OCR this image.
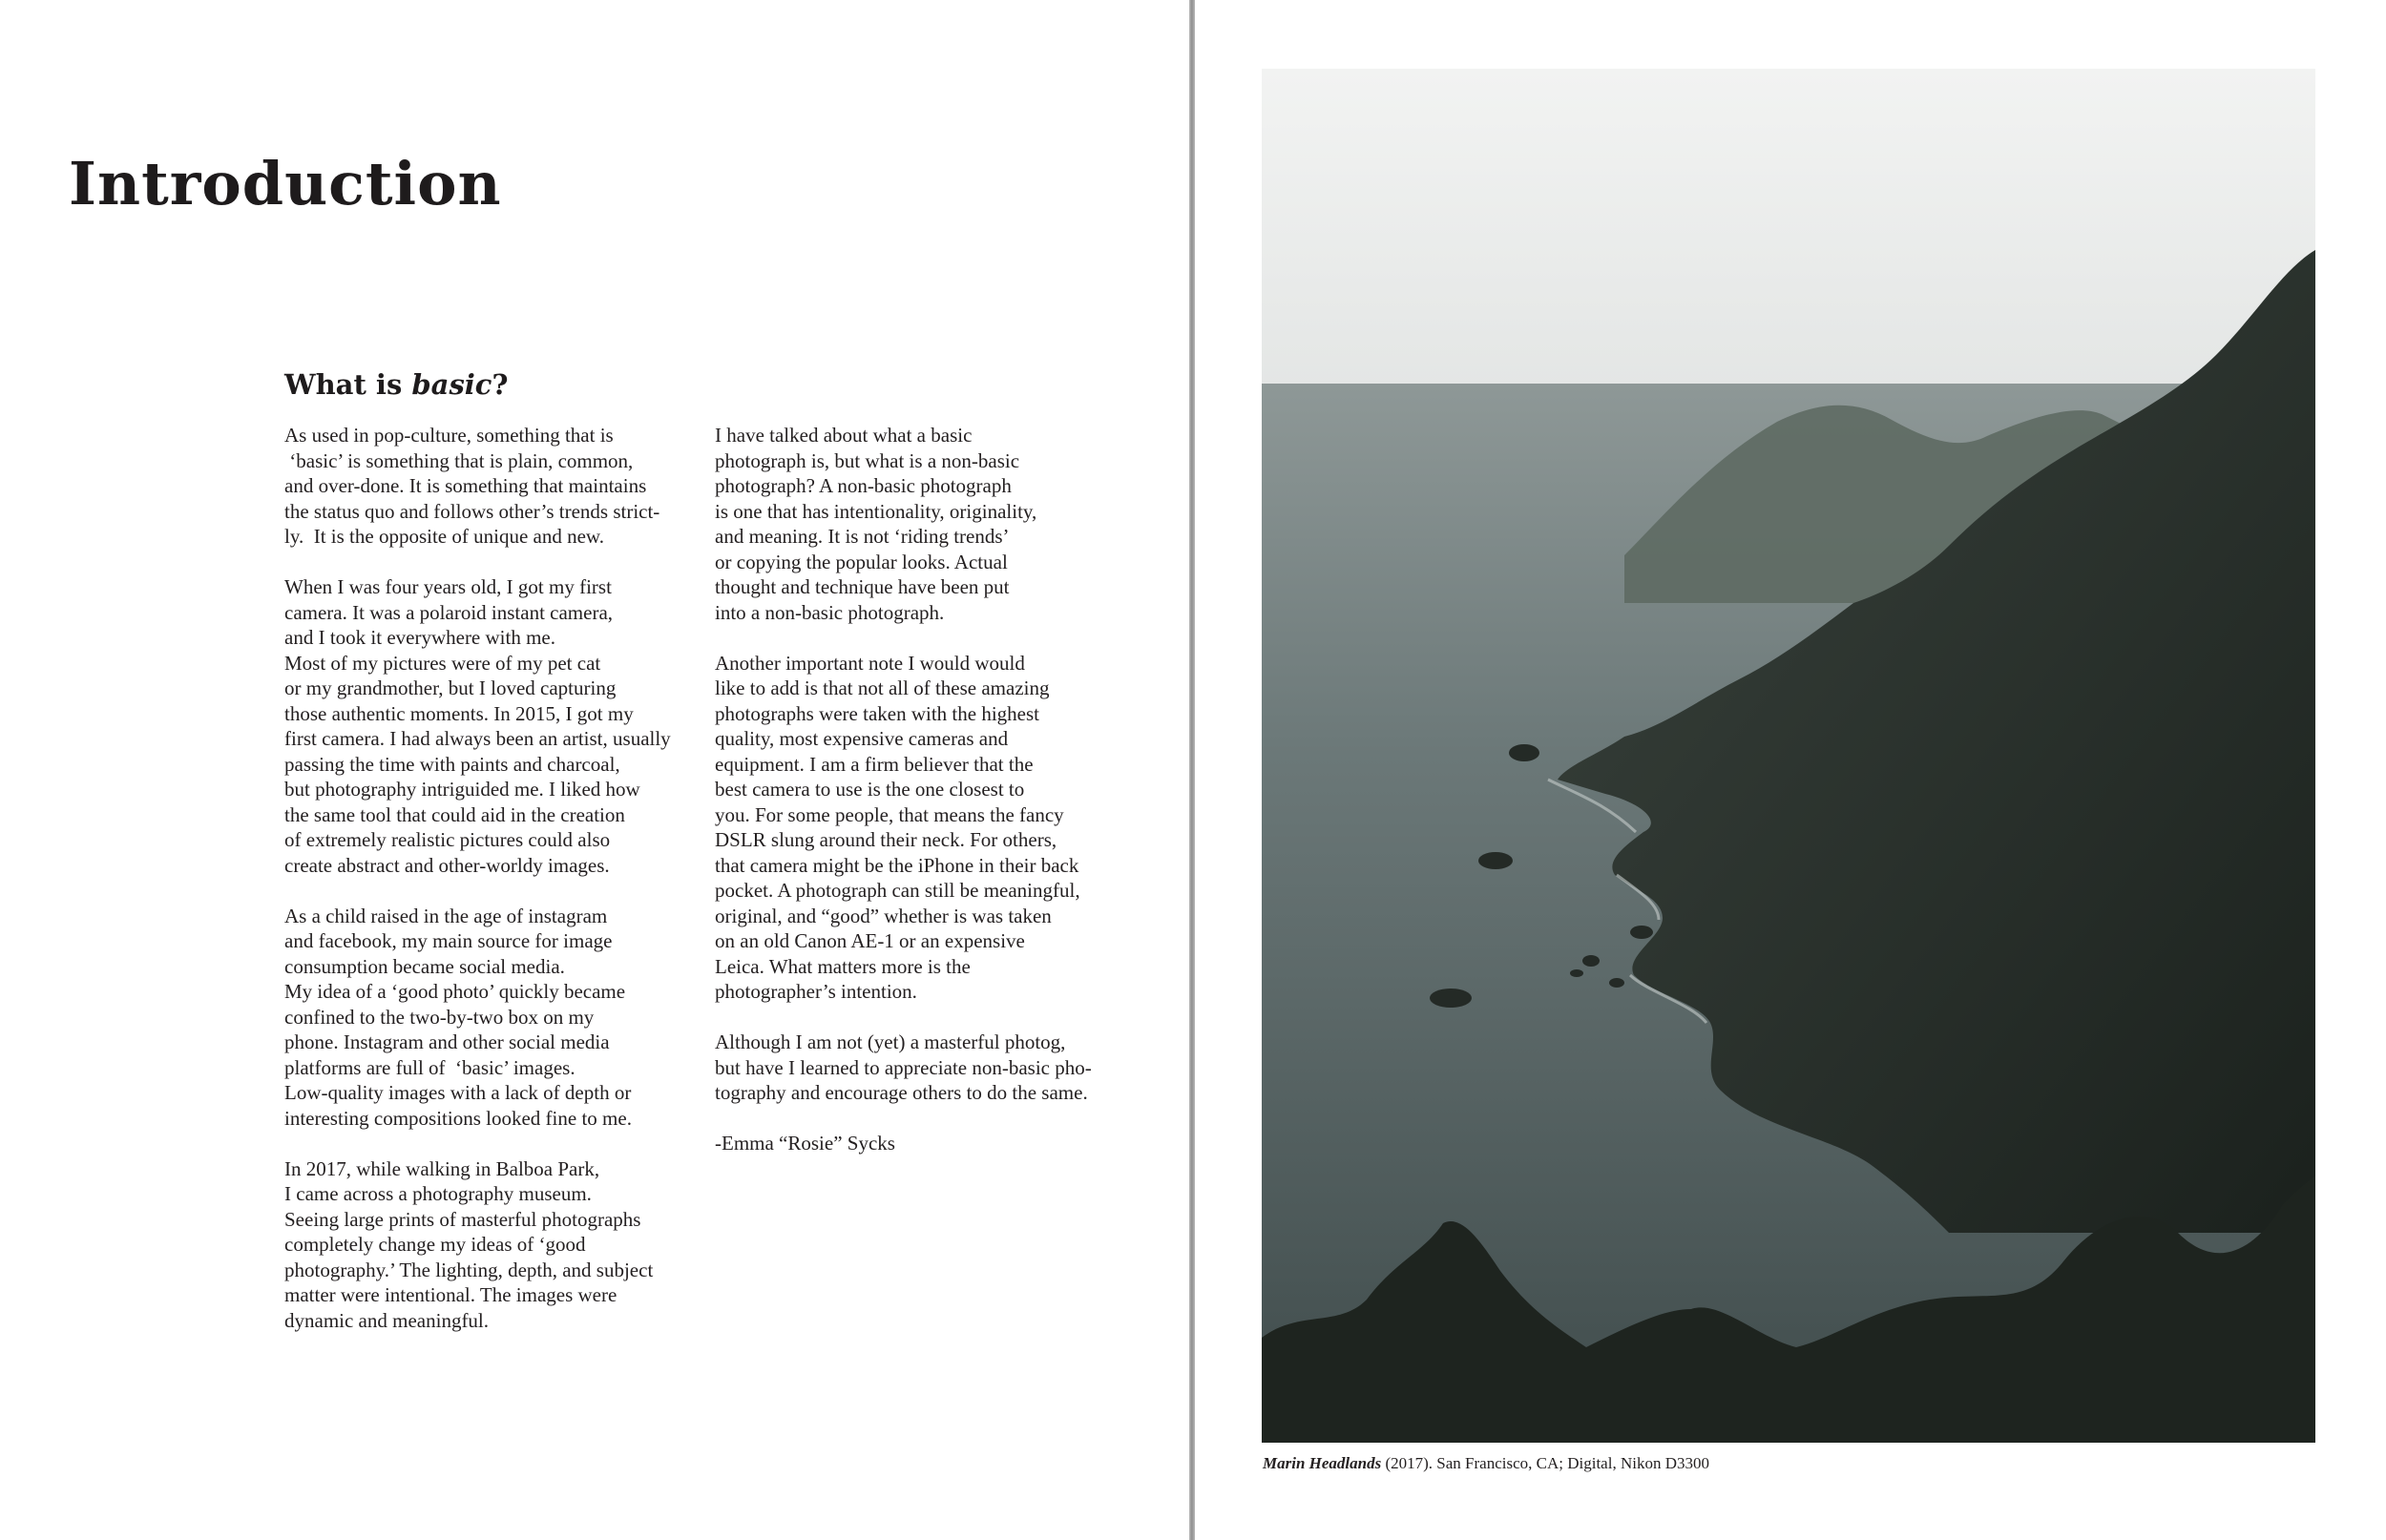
Introduction
What is basic?

As used in pop-culture, something that is
‘basic’ is something that is plain, common,
and over-done. It is something that maintains
the status quo and follows other’s trends strict-
ly.  It is the opposite of unique and new.

When I was four years old, I got my first
camera. It was a polaroid instant camera,
and I took it everywhere with me.
Most of my pictures were of my pet cat
or my grandmother, but I loved capturing
those authentic moments. In 2015, I got my
first camera. I had always been an artist, usually
passing the time with paints and charcoal,
but photography intriguided me. I liked how
the same tool that could aid in the creation
of extremely realistic pictures could also
create abstract and other-worldy images.

As a child raised in the age of instagram
and facebook, my main source for image
consumption became social media.
My idea of a ‘good photo’ quickly became
confined to the two-by-two box on my
phone. Instagram and other social media
platforms are full of  ‘basic’ images.
Low-quality images with a lack of depth or
interesting compositions looked fine to me.

In 2017, while walking in Balboa Park,
I came across a photography museum.
Seeing large prints of masterful photographs
completely change my ideas of ‘good
photography.’ The lighting, depth, and subject
matter were intentional. The images were
dynamic and meaningful.

I have talked about what a basic
photograph is, but what is a non-basic
photograph? A non-basic photograph
is one that has intentionality, originality,
and meaning. It is not ‘riding trends’
or copying the popular looks. Actual
thought and technique have been put
into a non-basic photograph.

Another important note I would would
like to add is that not all of these amazing
photographs were taken with the highest
quality, most expensive cameras and
equipment. I am a firm believer that the
best camera to use is the one closest to
you. For some people, that means the fancy
DSLR slung around their neck. For others,
that camera might be the iPhone in their back
pocket. A photograph can still be meaningful,
original, and “good” whether is was taken
on an old Canon AE-1 or an expensive
Leica. What matters more is the
photographer’s intention.

Although I am not (yet) a masterful photog,
but have I learned to appreciate non-basic pho-
tography and encourage others to do the same.

-Emma “Rosie” Sycks

Marin Headlands (2017). San Francisco, CA; Digital, Nikon D3300
